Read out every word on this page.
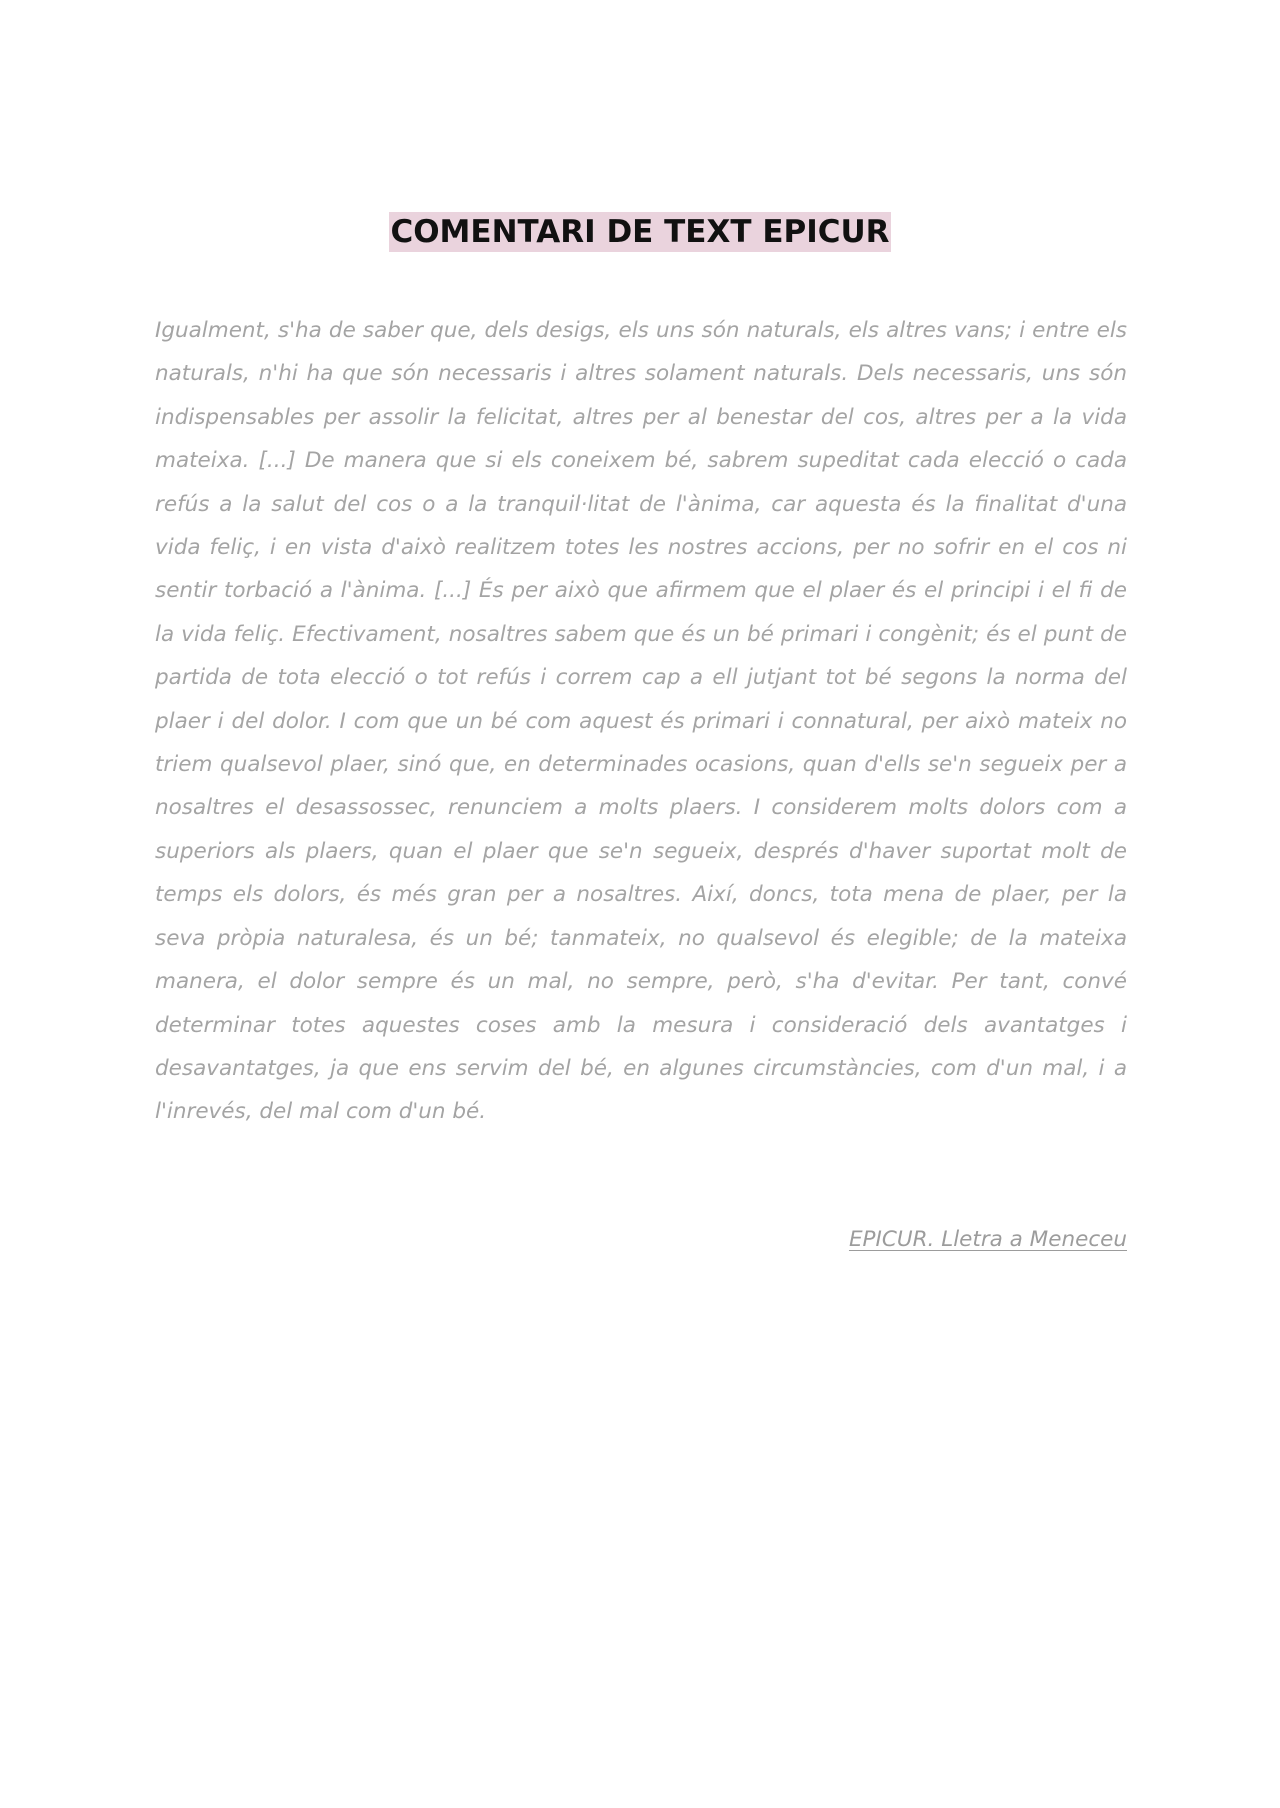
COMENTARI DE TEXT EPICUR

Igualment, s'ha de saber que, dels desigs, els uns són naturals, els altres vans; i entre els naturals, n'hi ha que són necessaris i altres solament naturals. Dels necessaris, uns són indispensables per assolir la felicitat, altres per al benestar del cos, altres per a la vida mateixa. [...] De manera que si els coneixem bé, sabrem supeditat cada elecció o cada refús a la salut del cos o a la tranquil·litat de l'ànima, car aquesta és la finalitat d'una vida feliç, i en vista d'això realitzem totes les nostres accions, per no sofrir en el cos ni sentir torbació a l'ànima. [...] És per això que afirmem que el plaer és el principi i el fi de la vida feliç. Efectivament, nosaltres sabem que és un bé primari i congènit; és el punt de partida de tota elecció o tot refús i correm cap a ell jutjant tot bé segons la norma del plaer i del dolor. I com que un bé com aquest és primari i connatural, per això mateix no triem qualsevol plaer, sinó que, en determinades ocasions, quan d'ells se'n segueix per a nosaltres el desassossec, renunciem a molts plaers. I considerem molts dolors com a superiors als plaers, quan el plaer que se'n segueix, després d'haver suportat molt de temps els dolors, és més gran per a nosaltres. Així, doncs, tota mena de plaer, per la seva pròpia naturalesa, és un bé; tanmateix, no qualsevol és elegible; de la mateixa manera, el dolor sempre és un mal, no sempre, però, s'ha d'evitar. Per tant, convé determinar totes aquestes coses amb la mesura i consideració dels avantatges i desavantatges, ja que ens servim del bé, en algunes circumstàncies, com d'un mal, i a l'inrevés, del mal com d'un bé.

EPICUR. Lletra a Meneceu
